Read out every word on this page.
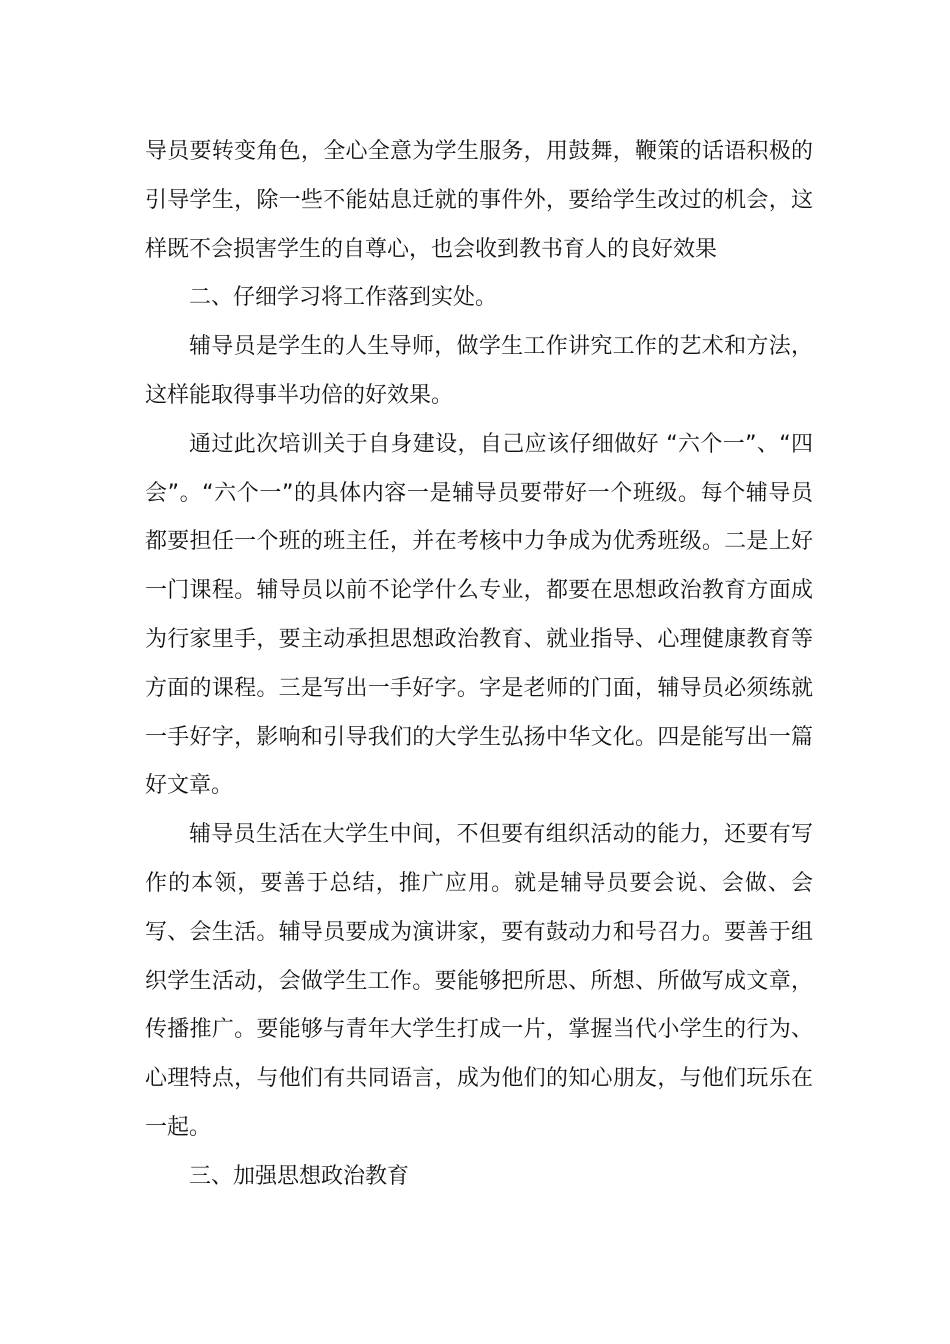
导员要转变角色，全心全意为学生服务，用鼓舞，鞭策的话语积极的引导学生，除一些不能姑息迁就的事件外，要给学生改过的机会，这样既不会损害学生的自尊心，也会收到教书育人的良好效果

二、仔细学习将工作落到实处。

辅导员是学生的人生导师，做学生工作讲究工作的艺术和方法，这样能取得事半功倍的好效果。

通过此次培训关于自身建设，自己应该仔细做好 “六个一”、“四会”。“六个一”的具体内容一是辅导员要带好一个班级。每个辅导员都要担任一个班的班主任，并在考核中力争成为优秀班级。二是上好一门课程。辅导员以前不论学什么专业，都要在思想政治教育方面成为行家里手，要主动承担思想政治教育、就业指导、心理健康教育等方面的课程。三是写出一手好字。字是老师的门面，辅导员必须练就一手好字，影响和引导我们的大学生弘扬中华文化。四是能写出一篇好文章。

辅导员生活在大学生中间，不但要有组织活动的能力，还要有写作的本领，要善于总结，推广应用。就是辅导员要会说、会做、会写、会生活。辅导员要成为演讲家，要有鼓动力和号召力。要善于组织学生活动，会做学生工作。要能够把所思、所想、所做写成文章，传播推广。要能够与青年大学生打成一片，掌握当代小学生的行为、心理特点，与他们有共同语言，成为他们的知心朋友，与他们玩乐在一起。

三、加强思想政治教育
